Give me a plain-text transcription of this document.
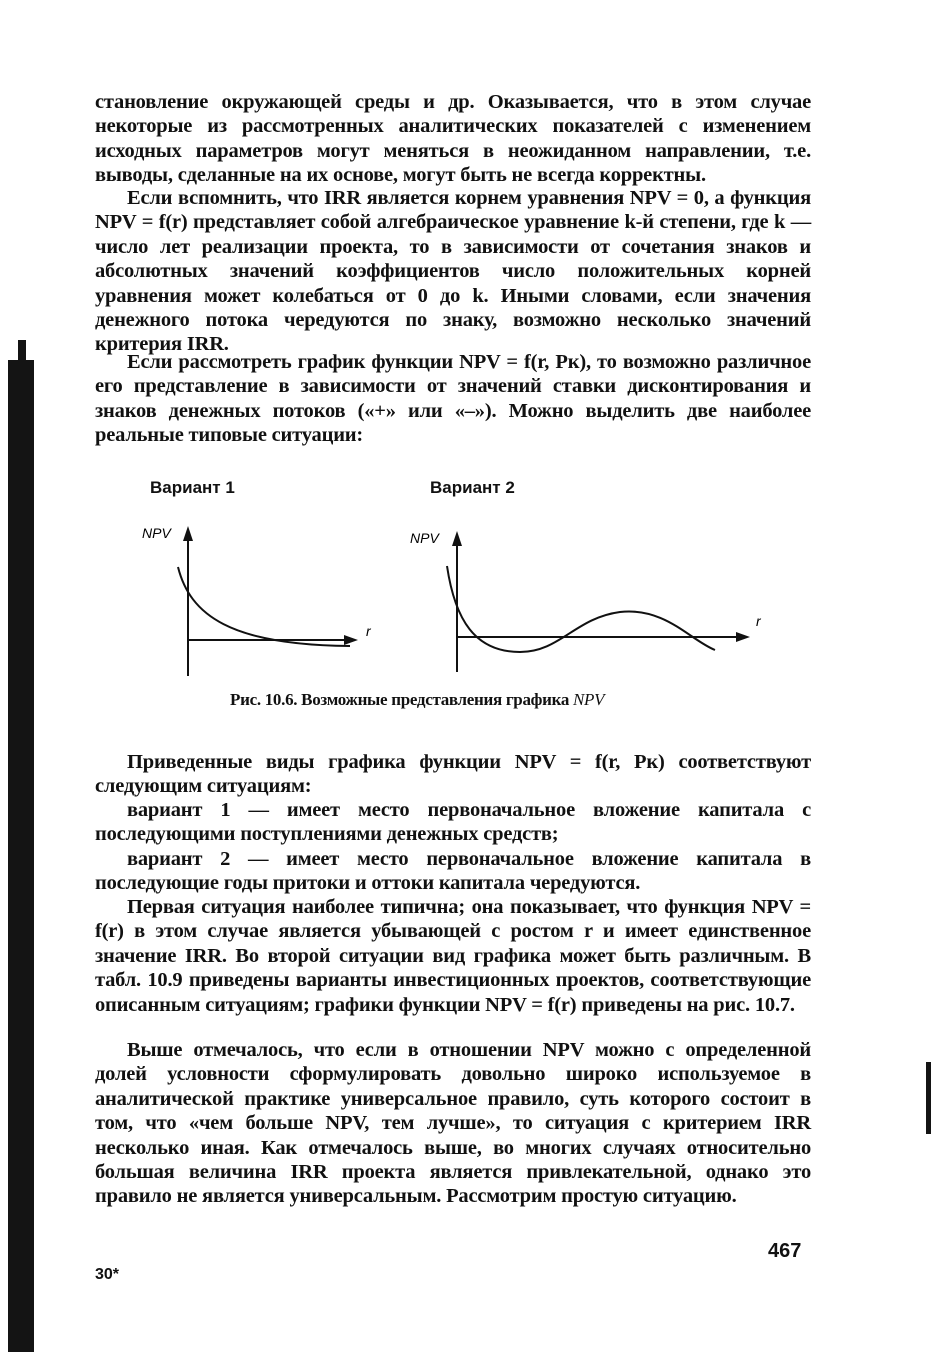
становление окружающей среды и др. Оказывается, что в этом случае некоторые из рассмотренных аналитических показателей с изменением исходных параметров могут меняться в неожиданном направлении, т.е. выводы, сделанные на их основе, могут быть не всегда корректны.

Если вспомнить, что IRR является корнем уравнения NPV = 0, а функция NPV = f(r) представляет собой алгебраическое уравнение k-й степени, где k — число лет реализации проекта, то в зависимости от сочетания знаков и абсолютных значений коэффициентов число положительных корней уравнения может колебаться от 0 до k. Иными словами, если значения денежного потока чередуются по знаку, возможно несколько значений критерия IRR.

Если рассмотреть график функции NPV = f(r, Pк), то возможно различное его представление в зависимости от значений ставки дисконтирования и знаков денежных потоков («+» или «–»). Можно выделить две наиболее реальные типовые ситуации:

Вариант 1	Вариант 2
NPV
r
NPV
r
Рис. 10.6. Возможные представления графика NPV

Приведенные виды графика функции NPV = f(r, Pк) соответствуют следующим ситуациям:

вариант 1 — имеет место первоначальное вложение капитала с последующими поступлениями денежных средств;

вариант 2 — имеет место первоначальное вложение капитала в последующие годы притоки и оттоки капитала чередуются.

Первая ситуация наиболее типична; она показывает, что функция NPV = f(r) в этом случае является убывающей с ростом r и имеет единственное значение IRR. Во второй ситуации вид графика может быть различным. В табл. 10.9 приведены варианты инвестиционных проектов, соответствующие описанным ситуациям; графики функции NPV = f(r) приведены на рис. 10.7.

Выше отмечалось, что если в отношении NPV можно с определенной долей условности сформулировать довольно широко используемое в аналитической практике универсальное правило, суть которого состоит в том, что «чем больше NPV, тем лучше», то ситуация с критерием IRR несколько иная. Как отмечалось выше, во многих случаях относительно большая величина IRR проекта является привлекательной, однако это правило не является универсальным. Рассмотрим простую ситуацию.

467
30*
